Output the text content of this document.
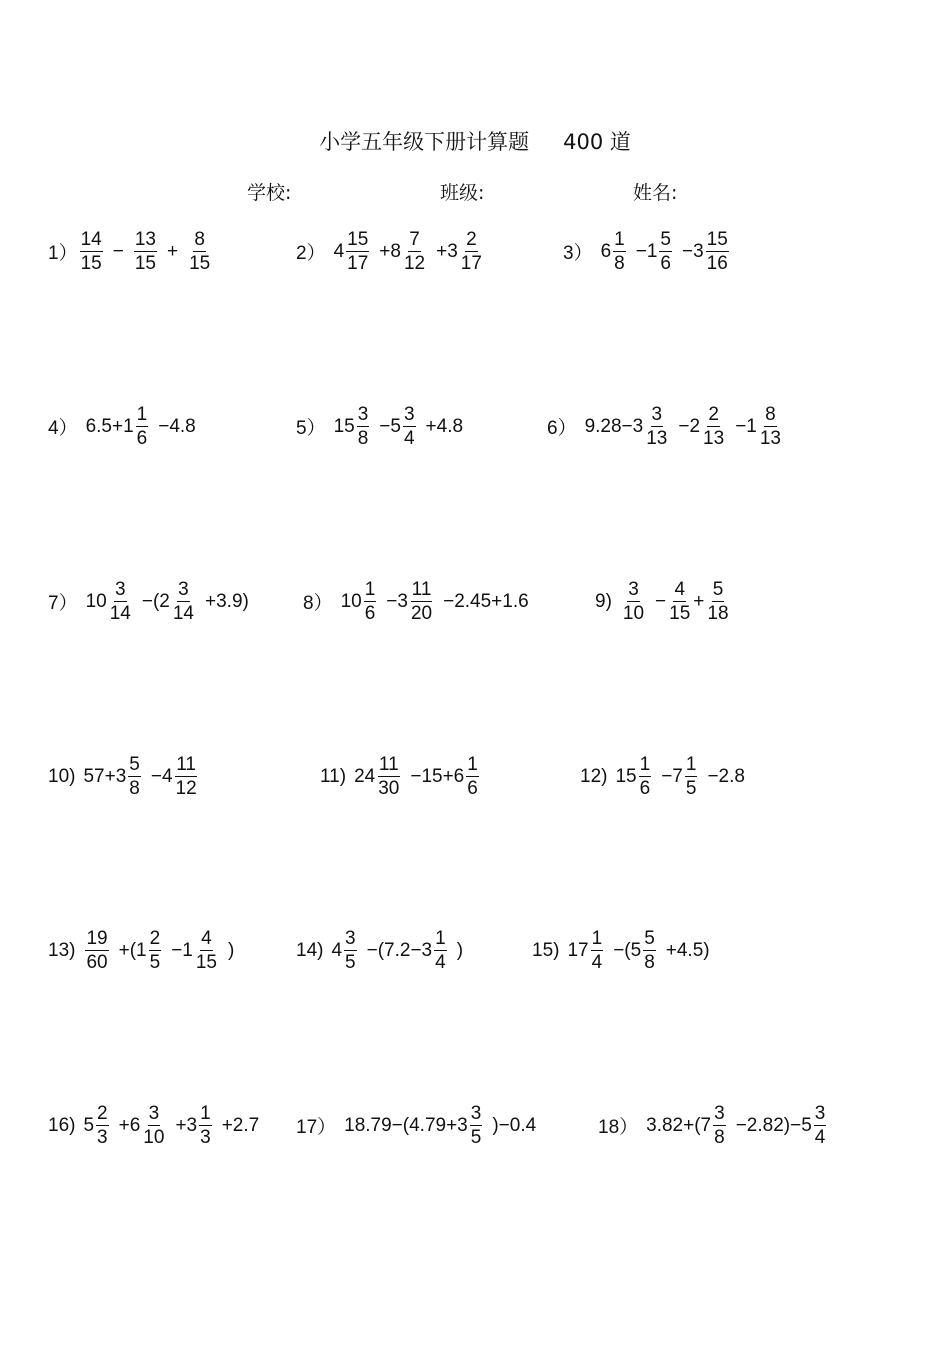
小学五年级下册计算题 400 道
学校:	班级:	姓名:
$1) \frac{14}{15} - \frac{13}{15} + \frac{8}{15}$	2） $4 \frac{15}{17} +8 \frac{7}{12} +3 \frac{2}{17}$	3） $6 \frac{1}{8} -1 \frac{5}{6} -3 \frac{15}{16}$
4） $6.5+1 \frac{1}{6} -4.8$	5） $15 \frac{3}{8} -5 \frac{3}{4} +4.8$	6） $9.28-3 \frac{3}{13} -2 \frac{2}{13} -1 \frac{8}{13}$
7） $10 \frac{3}{14} -(2 \frac{3}{14} +3.9)$	8） $10 \frac{1}{6} -3 \frac{11}{20} -2.45+1.6$	$9) \frac{3}{10} - \frac{4}{15} + \frac{5}{18}$
10) $57+3 \frac{5}{8} -4 \frac{11}{12}$	11) $24 \frac{11}{30} -15+6 \frac{1}{6}$	12) $15 \frac{1}{6} -7 \frac{1}{5} -2.8$
$13) \frac{19}{60} +(1 \frac{2}{5} -1 \frac{4}{15}$ )	14) $4 \frac{3}{5} -(7.2-3 \frac{1}{4}$ )	15) $17 \frac{1}{4} -(5 \frac{5}{8} +4.5)$
16) $5 \frac{2}{3} +6 \frac{3}{10} +3 \frac{1}{3} +2.7$ 17） $18.79-(4.79+3 \frac{3}{5} )-0.4$	18） $3.82+(7 \frac{3}{8} -2.82)-5 \frac{3}{4}$
